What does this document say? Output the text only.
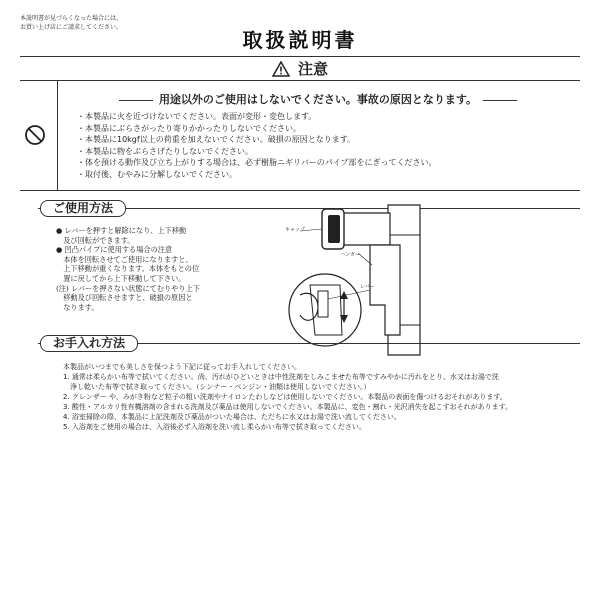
本説明書が見づらくなった場合には、
お買い上げ店にご請求してください。
取扱説明書
注意
用途以外のご使用はしないでください。事故の原因となります。
・本製品に火を近づけないでください。表面が変形・変色します。
・本製品にぶらさがったり寄りかかったりしないでください。
・本製品に10kgf以上の荷重を加えないでください。破損の原因となります。
・本製品に物をぶらさげたりしないでください。
・体を預ける動作及び立ち上がりする場合は、必ず樹脂ニギリバーのパイプ部をにぎってください。
・取付後、むやみに分解しないでください。
ご使用方法
● レバーを押すと解除になり、上下移動
　及び回転ができます。
● 凹凸パイプに使用する場合の注意
　本体を回転させてご使用になりますと、
　上下移動が重くなります。本体をもとの位
　置に戻してから上下移動して下さい。
(注) レバーを押さない状態にてむりやり上下
　移動及び回転させますと、破損の原因と
　なります。
キャップ
ハンガー
レバー
お手入れ方法
本製品がいつまでも美しさを保つよう下記に従ってお手入れしてください。
1. 通常は柔らかい布等で拭いてください。尚、汚れがひどいときは中性洗剤をしみこませた布等ですみやかに汚れをとり、水又はお湯で洗
　浄し乾いた布等で拭き取ってください。（シンナー・ベンジン・油類は使用しないでください。）
2. クレンザー や、みがき粉など粒子の粗い洗剤やナイロンたわしなどは使用しないでください。本製品の表面を傷つけるおそれがあります。
3. 酸性・アルカリ性有機溶剤の含まれる洗剤及び薬品は使用しないでください。本製品に、変色・割れ・光沢消失を起こすおそれがあります。
4. 浴室掃除の際、本製品に上記洗剤及び薬品がついた場合は、ただちに水又はお湯で洗い流してください。
5. 入浴剤をご使用の場合は、入浴後必ず入浴剤を洗い流し柔らかい布等で拭き取ってください。
